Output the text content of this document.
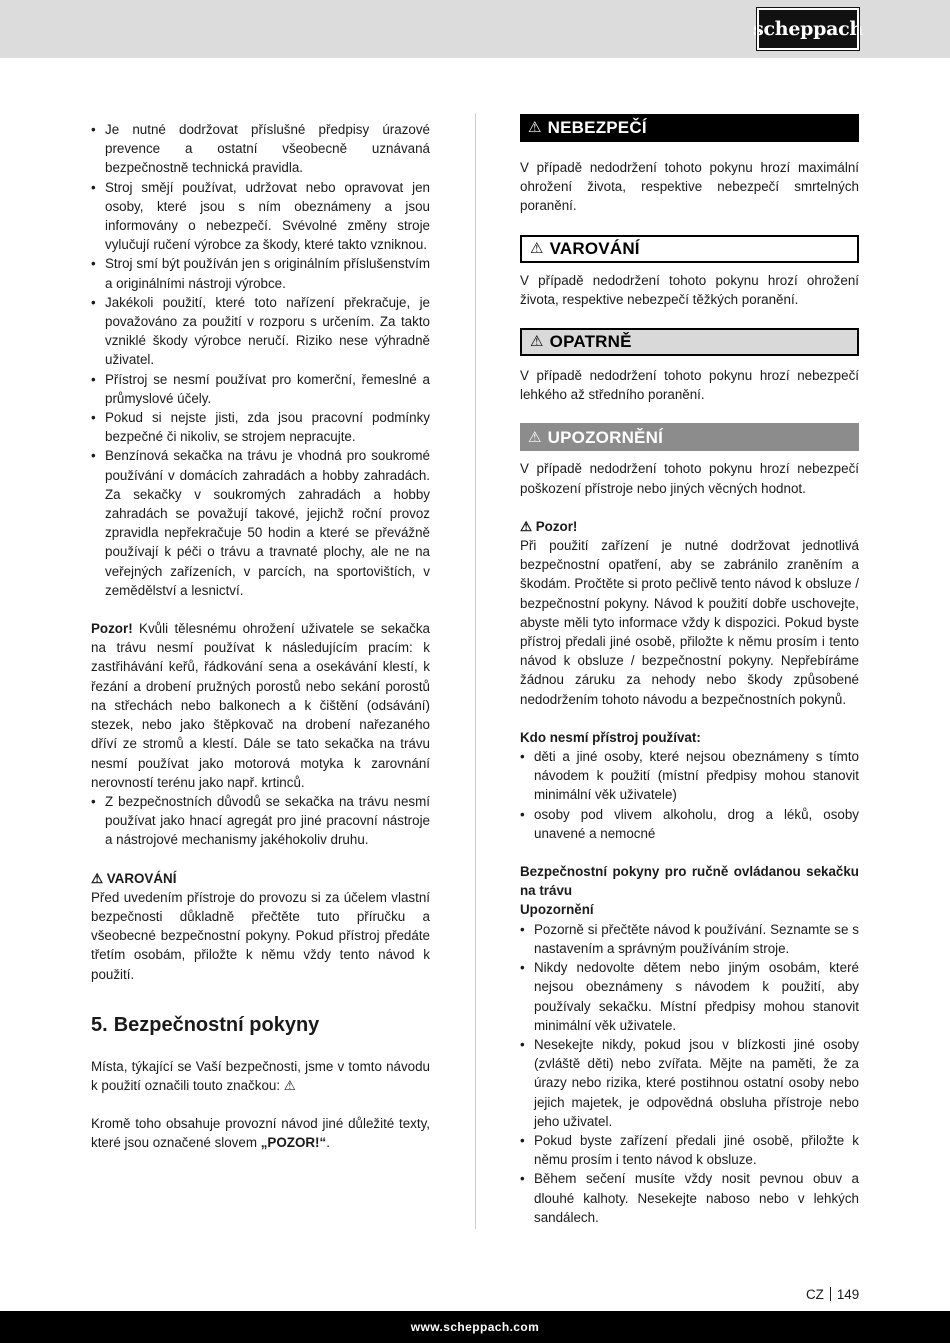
scheppach
• Je nutné dodržovat příslušné předpisy úrazové prevence a ostatní všeobecně uznávaná bezpečnostně technická pravidla.
• Stroj smějí používat, udržovat nebo opravovat jen osoby, které jsou s ním obeznámeny a jsou informovány o nebezpečí. Svévolné změny stroje vylučují ručení výrobce za škody, které takto vzniknou.
• Stroj smí být používán jen s originálním příslušenstvím a originálními nástroji výrobce.
• Jakékoli použití, které toto nařízení překračuje, je považováno za použití v rozporu s určením. Za takto vzniklé škody výrobce neručí. Riziko nese výhradně uživatel.
• Přístroj se nesmí používat pro komerční, řemeslné a průmyslové účely.
• Pokud si nejste jisti, zda jsou pracovní podmínky bezpečné či nikoliv, se strojem nepracujte.
• Benzínová sekačka na trávu je vhodná pro soukromé používání v domácích zahradách a hobby zahradách. Za sekačky v soukromých zahradách a hobby zahradách se považují takové, jejichž roční provoz zpravidla nepřekračuje 50 hodin a které se převážně používají k péči o trávu a travnaté plochy, ale ne na veřejných zařízeních, v parcích, na sportovištích, v zemědělství a lesnictví.

Pozor! Kvůli tělesnému ohrožení uživatele se sekačka na trávu nesmí používat k následujícím pracím: k zastřihávání keřů, řádkování sena a osekávání klestí, k řezání a drobení pružných porostů nebo sekání porostů na střechách nebo balkonech a k čištění (odsávání) stezek, nebo jako štěpkovač na drobení nařezaného dříví ze stromů a klestí. Dále se tato sekačka na trávu nesmí používat jako motorová motyka k zarovnání nerovností terénu jako např. krtinců.

• Z bezpečnostních důvodů se sekačka na trávu nesmí používat jako hnací agregát pro jiné pracovní nástroje a nástrojové mechanismy jakéhokoliv druhu.

⚠ VAROVÁNÍ

Před uvedením přístroje do provozu si za účelem vlastní bezpečnosti důkladně přečtěte tuto příručku a všeobecné bezpečnostní pokyny. Pokud přístroj předáte třetím osobám, přiložte k němu vždy tento návod k použití.

5. Bezpečnostní pokyny

Místa, týkající se Vaší bezpečnosti, jsme v tomto návodu k použití označili touto značkou: ⚠

Kromě toho obsahuje provozní návod jiné důležité texty, které jsou označené slovem „POZOR!“.

⚠ NEBEZPEČÍ

V případě nedodržení tohoto pokynu hrozí maximální ohrožení života, respektive nebezpečí smrtelných poranění.

⚠ VAROVÁNÍ

V případě nedodržení tohoto pokynu hrozí ohrožení života, respektive nebezpečí těžkých poranění.

⚠ OPATRNĚ

V případě nedodržení tohoto pokynu hrozí nebezpečí lehkého až středního poranění.

⚠ UPOZORNĚNÍ

V případě nedodržení tohoto pokynu hrozí nebezpečí poškození přístroje nebo jiných věcných hodnot.

⚠ Pozor!

Při použití zařízení je nutné dodržovat jednotlivá bezpečnostní opatření, aby se zabránilo zraněním a škodám. Pročtěte si proto pečlivě tento návod k obsluze / bezpečnostní pokyny. Návod k použití dobře uschovejte, abyste měli tyto informace vždy k dispozici. Pokud byste přístroj předali jiné osobě, přiložte k němu prosím i tento návod k obsluze / bezpečnostní pokyny. Nepřebíráme žádnou záruku za nehody nebo škody způsobené nedodržením tohoto návodu a bezpečnostních pokynů.

Kdo nesmí přístroj používat:

• děti a jiné osoby, které nejsou obeznámeny s tímto návodem k použití (místní předpisy mohou stanovit minimální věk uživatele)
• osoby pod vlivem alkoholu, drog a léků, osoby unavené a nemocné

Bezpečnostní pokyny pro ručně ovládanou sekačku na trávu

Upozornění

• Pozorně si přečtěte návod k používání. Seznamte se s nastavením a správným používáním stroje.
• Nikdy nedovolte dětem nebo jiným osobám, které nejsou obeznámeny s návodem k použití, aby používaly sekačku. Místní předpisy mohou stanovit minimální věk uživatele.
• Nesekejte nikdy, pokud jsou v blízkosti jiné osoby (zvláště děti) nebo zvířata. Mějte na paměti, že za úrazy nebo rizika, které postihnou ostatní osoby nebo jejich majetek, je odpovědná obsluha přístroje nebo jeho uživatel.
• Pokud byste zařízení předali jiné osobě, přiložte k němu prosím i tento návod k obsluze.
• Během sečení musíte vždy nosit pevnou obuv a dlouhé kalhoty. Nesekejte naboso nebo v lehkých sandálech.
CZ 149
www.scheppach.com
